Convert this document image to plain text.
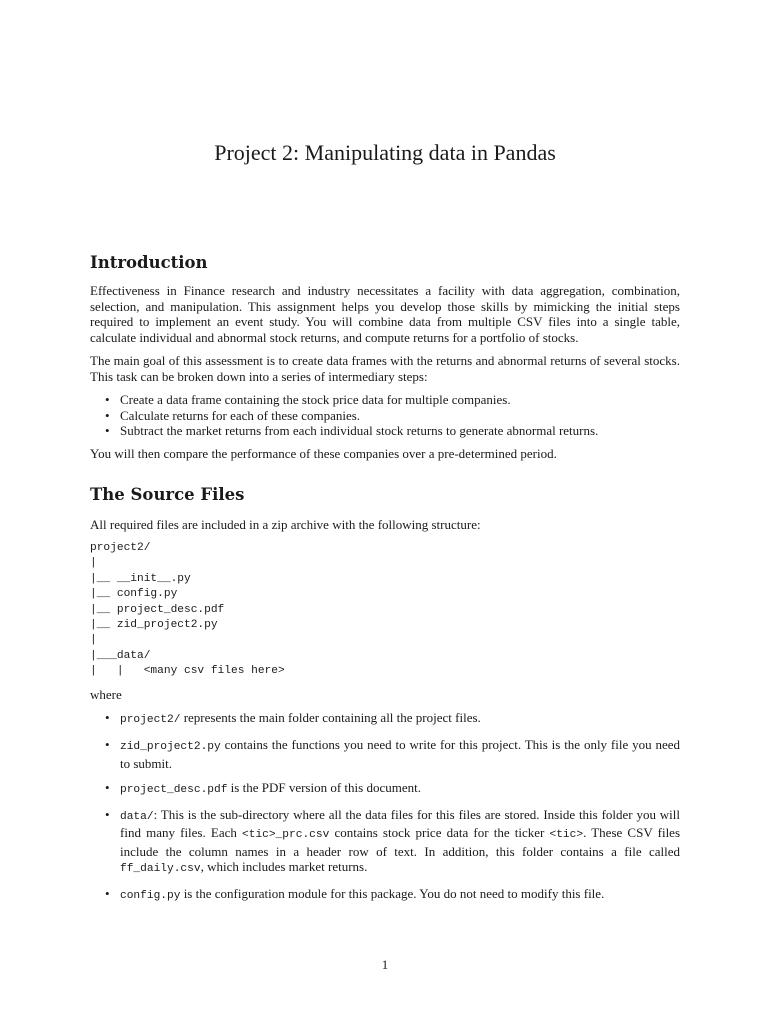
Project 2: Manipulating data in Pandas
Introduction

Effectiveness in Finance research and industry necessitates a facility with data aggregation, combination, selection, and manipulation. This assignment helps you develop those skills by mimicking the initial steps required to implement an event study. You will combine data from multiple CSV files into a single table, calculate individual and abnormal stock returns, and compute returns for a portfolio of stocks.

The main goal of this assessment is to create data frames with the returns and abnormal returns of several stocks. This task can be broken down into a series of intermediary steps:

• Create a data frame containing the stock price data for multiple companies.
• Calculate returns for each of these companies.
• Subtract the market returns from each individual stock returns to generate abnormal returns.

You will then compare the performance of these companies over a pre-determined period.

The Source Files

All required files are included in a zip archive with the following structure:

project2/
|
|__ __init__.py
|__ config.py
|__ project_desc.pdf
|__ zid_project2.py
|
|___data/
|   |   <many csv files here>

where

• project2/ represents the main folder containing all the project files.
• zid_project2.py contains the functions you need to write for this project. This is the only file you need to submit.
• project_desc.pdf is the PDF version of this document.
• data/: This is the sub-directory where all the data files for this files are stored. Inside this folder you will find many files. Each <tic>_prc.csv contains stock price data for the ticker <tic>. These CSV files include the column names in a header row of text. In addition, this folder contains a file called ff_daily.csv, which includes market returns.
• config.py is the configuration module for this package. You do not need to modify this file.

1
